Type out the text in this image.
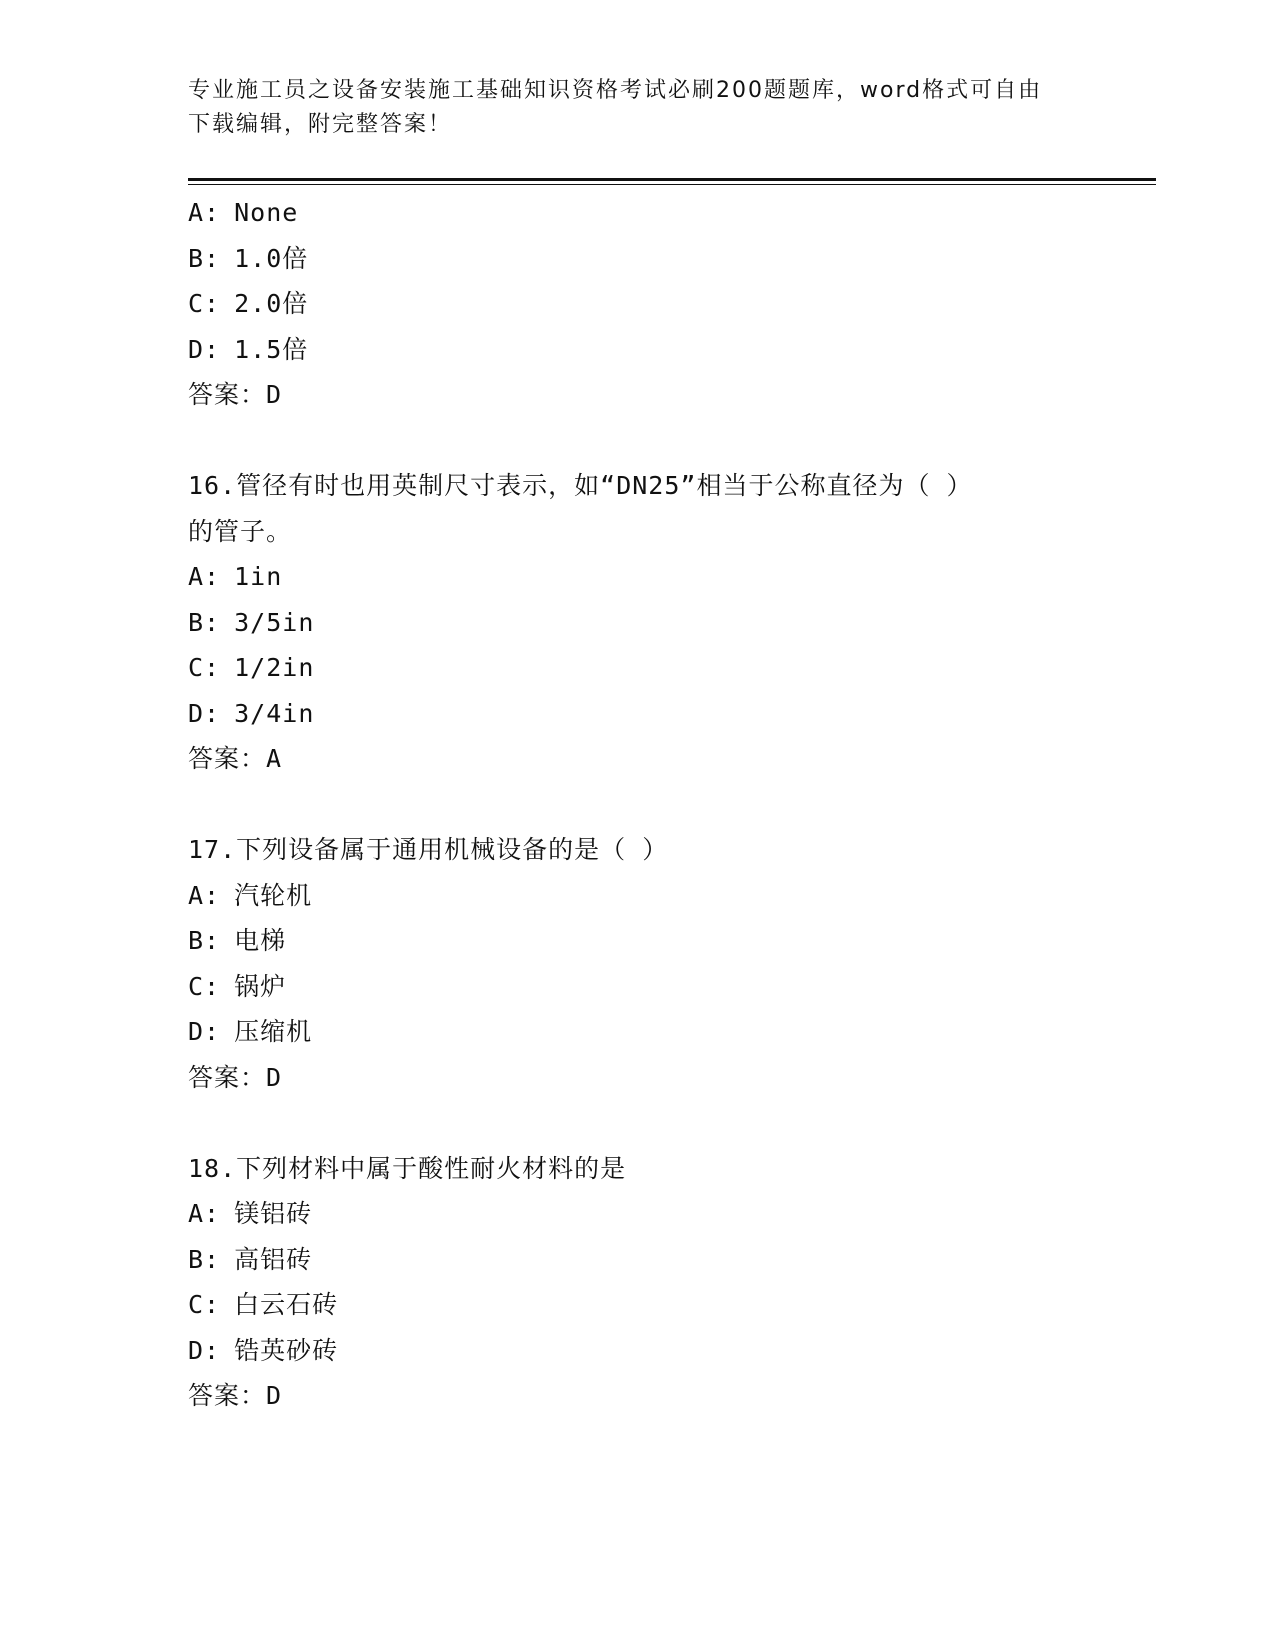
专业施工员之设备安装施工基础知识资格考试必刷200题题库，word格式可自由
下载编辑，附完整答案！
A: None
B: 1.0倍
C: 2.0倍
D: 1.5倍
答案：D
16.管径有时也用英制尺寸表示，如“DN25”相当于公称直径为（ ）
的管子。
A: 1in
B: 3/5in
C: 1/2in
D: 3/4in
答案：A
17.下列设备属于通用机械设备的是（ ）
A: 汽轮机
B: 电梯
C: 锅炉
D: 压缩机
答案：D
18.下列材料中属于酸性耐火材料的是
A: 镁铝砖
B: 高铝砖
C: 白云石砖
D: 锆英砂砖
答案：D
